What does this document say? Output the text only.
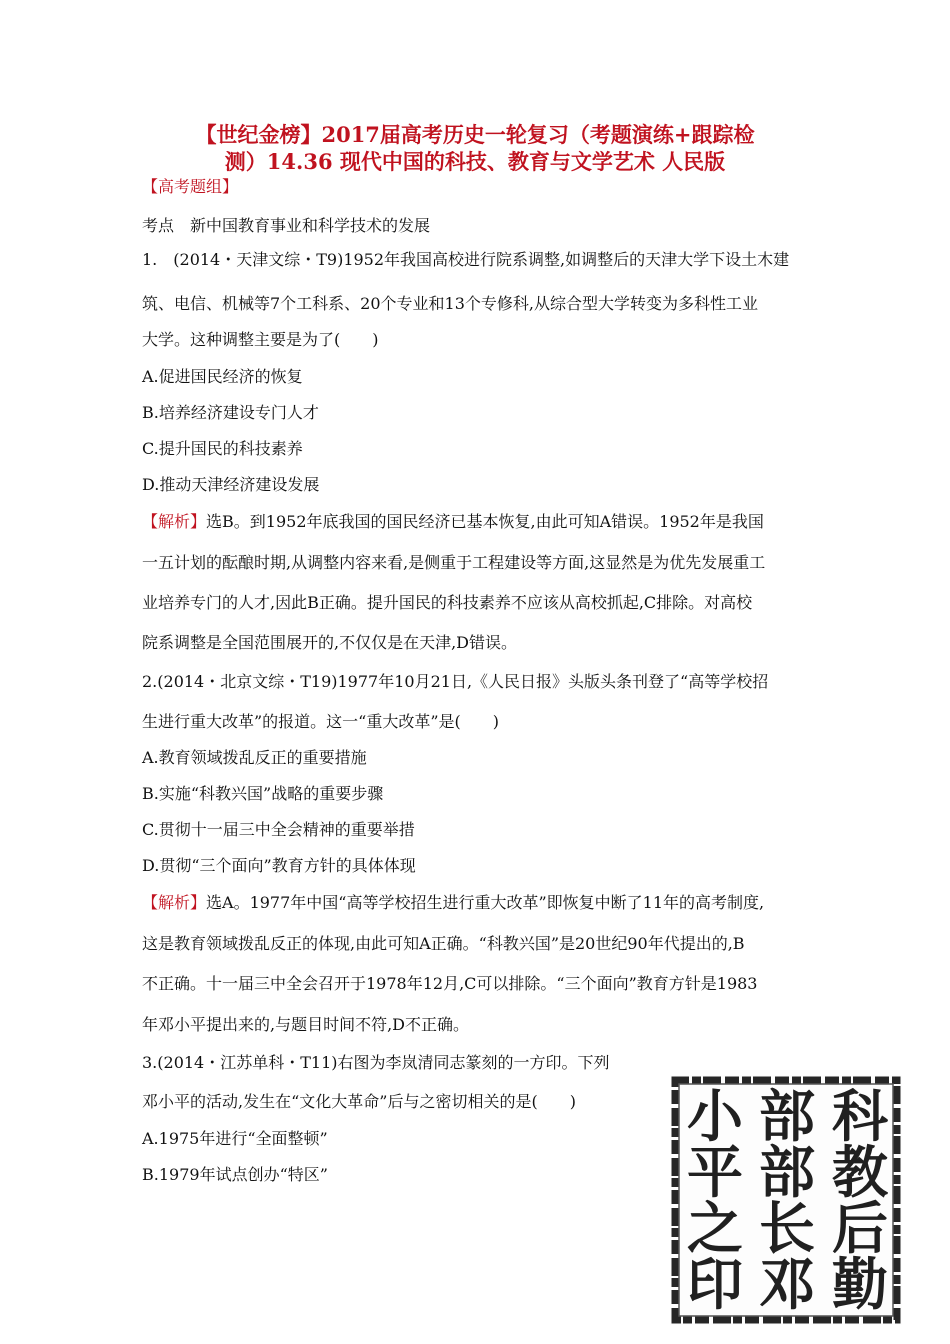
【世纪金榜】2017届高考历史一轮复习（考题演练+跟踪检
测）14.36 现代中国的科技、教育与文学艺术 人民版
【高考题组】
考点　新中国教育事业和科学技术的发展
1.　(2014・天津文综・T9)1952年我国高校进行院系调整,如调整后的天津大学下设土木建
筑、电信、机械等7个工科系、20个专业和13个专修科,从综合型大学转变为多科性工业
大学。这种调整主要是为了(　　)
A.促进国民经济的恢复
B.培养经济建设专门人才
C.提升国民的科技素养
D.推动天津经济建设发展
【解析】选B。到1952年底我国的国民经济已基本恢复,由此可知A错误。1952年是我国
一五计划的酝酿时期,从调整内容来看,是侧重于工程建设等方面,这显然是为优先发展重工
业培养专门的人才,因此B正确。提升国民的科技素养不应该从高校抓起,C排除。对高校
院系调整是全国范围展开的,不仅仅是在天津,D错误。
2.(2014・北京文综・T19)1977年10月21日,《人民日报》头版头条刊登了“高等学校招
生进行重大改革”的报道。这一“重大改革”是(　　)
A.教育领域拨乱反正的重要措施
B.实施“科教兴国”战略的重要步骤
C.贯彻十一届三中全会精神的重要举措
D.贯彻“三个面向”教育方针的具体体现
【解析】选A。1977年中国“高等学校招生进行重大改革”即恢复中断了11年的高考制度,
这是教育领域拨乱反正的体现,由此可知A正确。“科教兴国”是20世纪90年代提出的,B
不正确。十一届三中全会召开于1978年12月,C可以排除。“三个面向”教育方针是1983
年邓小平提出来的,与题目时间不符,D不正确。
3.(2014・江苏单科・T11)右图为李岚清同志篆刻的一方印。下列
邓小平的活动,发生在“文化大革命”后与之密切相关的是(　　)
A.1975年进行“全面整顿”
B.1979年试点创办“特区”
科
教
后
勤
部
部
长
邓
小
平
之
印
